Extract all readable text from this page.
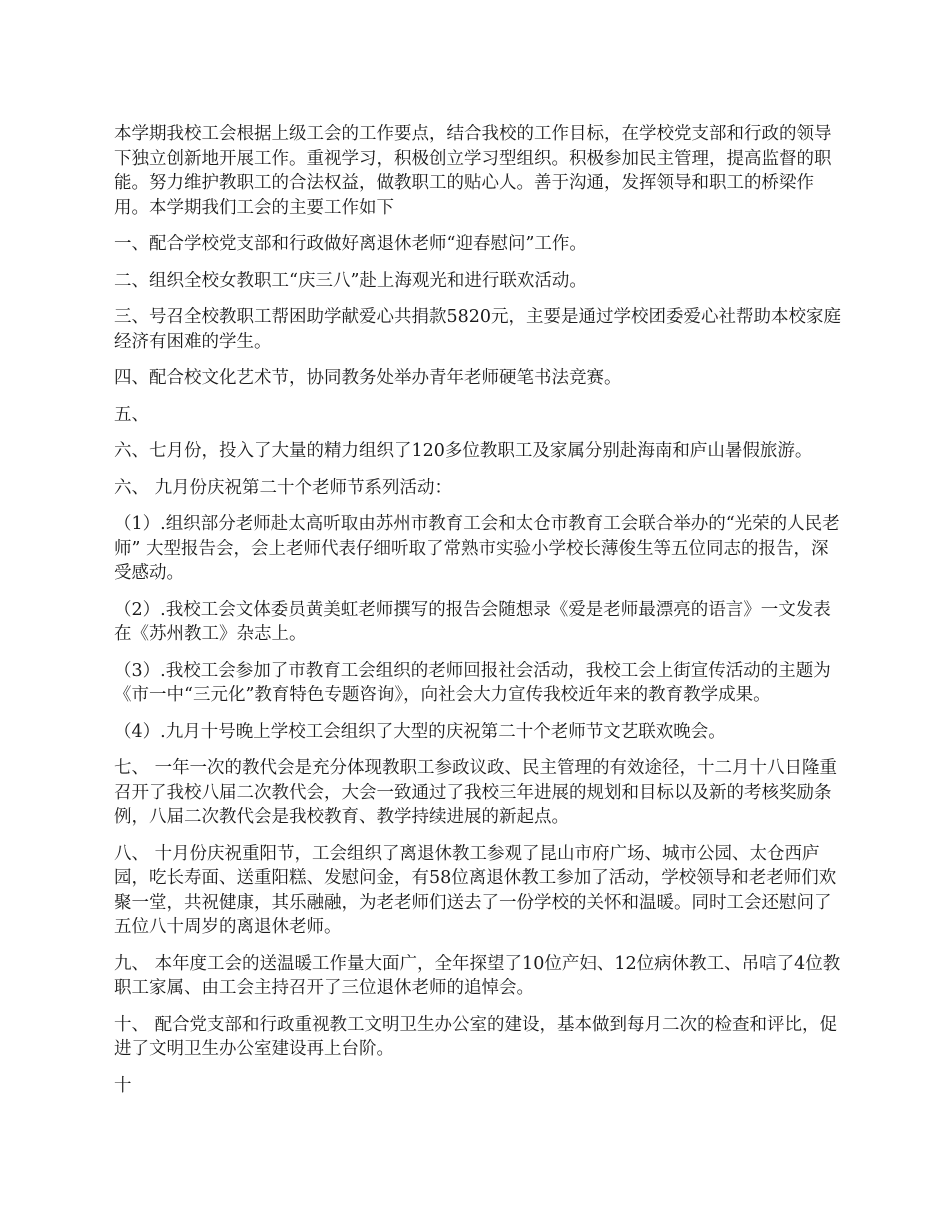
本学期我校工会根据上级工会的工作要点，结合我校的工作目标，在学校党支部和行政的领导下独立创新地开展工作。重视学习，积极创立学习型组织。积极参加民主管理，提高监督的职能。努力维护教职工的合法权益，做教职工的贴心人。善于沟通，发挥领导和职工的桥梁作用。本学期我们工会的主要工作如下

一、配合学校党支部和行政做好离退休老师“迎春慰问”工作。

二、组织全校女教职工“庆三八”赴上海观光和进行联欢活动。

三、号召全校教职工帮困助学献爱心共捐款5820元，主要是通过学校团委爱心社帮助本校家庭经济有困难的学生。

四、配合校文化艺术节，协同教务处举办青年老师硬笔书法竞赛。

五、

六、七月份，投入了大量的精力组织了120多位教职工及家属分别赴海南和庐山暑假旅游。

六、 九月份庆祝第二十个老师节系列活动：

（1）.组织部分老师赴太高听取由苏州市教育工会和太仓市教育工会联合举办的“光荣的人民老师” 大型报告会，会上老师代表仔细听取了常熟市实验小学校长薄俊生等五位同志的报告，深受感动。

（2）.我校工会文体委员黄美虹老师撰写的报告会随想录《爱是老师最漂亮的语言》一文发表在《苏州教工》杂志上。

（3）.我校工会参加了市教育工会组织的老师回报社会活动，我校工会上街宣传活动的主题为《市一中“三元化”教育特色专题咨询》，向社会大力宣传我校近年来的教育教学成果。

（4）.九月十号晚上学校工会组织了大型的庆祝第二十个老师节文艺联欢晚会。

七、 一年一次的教代会是充分体现教职工参政议政、民主管理的有效途径，十二月十八日隆重召开了我校八届二次教代会，大会一致通过了我校三年进展的规划和目标以及新的考核奖励条例，八届二次教代会是我校教育、教学持续进展的新起点。

八、 十月份庆祝重阳节，工会组织了离退休教工参观了昆山市府广场、城市公园、太仓西庐园，吃长寿面、送重阳糕、发慰问金，有58位离退休教工参加了活动，学校领导和老老师们欢聚一堂，共祝健康，其乐融融，为老老师们送去了一份学校的关怀和温暖。同时工会还慰问了五位八十周岁的离退休老师。

九、 本年度工会的送温暖工作量大面广，全年探望了10位产妇、12位病休教工、吊唁了4位教职工家属、由工会主持召开了三位退休老师的追悼会。

十、 配合党支部和行政重视教工文明卫生办公室的建设，基本做到每月二次的检查和评比，促进了文明卫生办公室建设再上台阶。

十
